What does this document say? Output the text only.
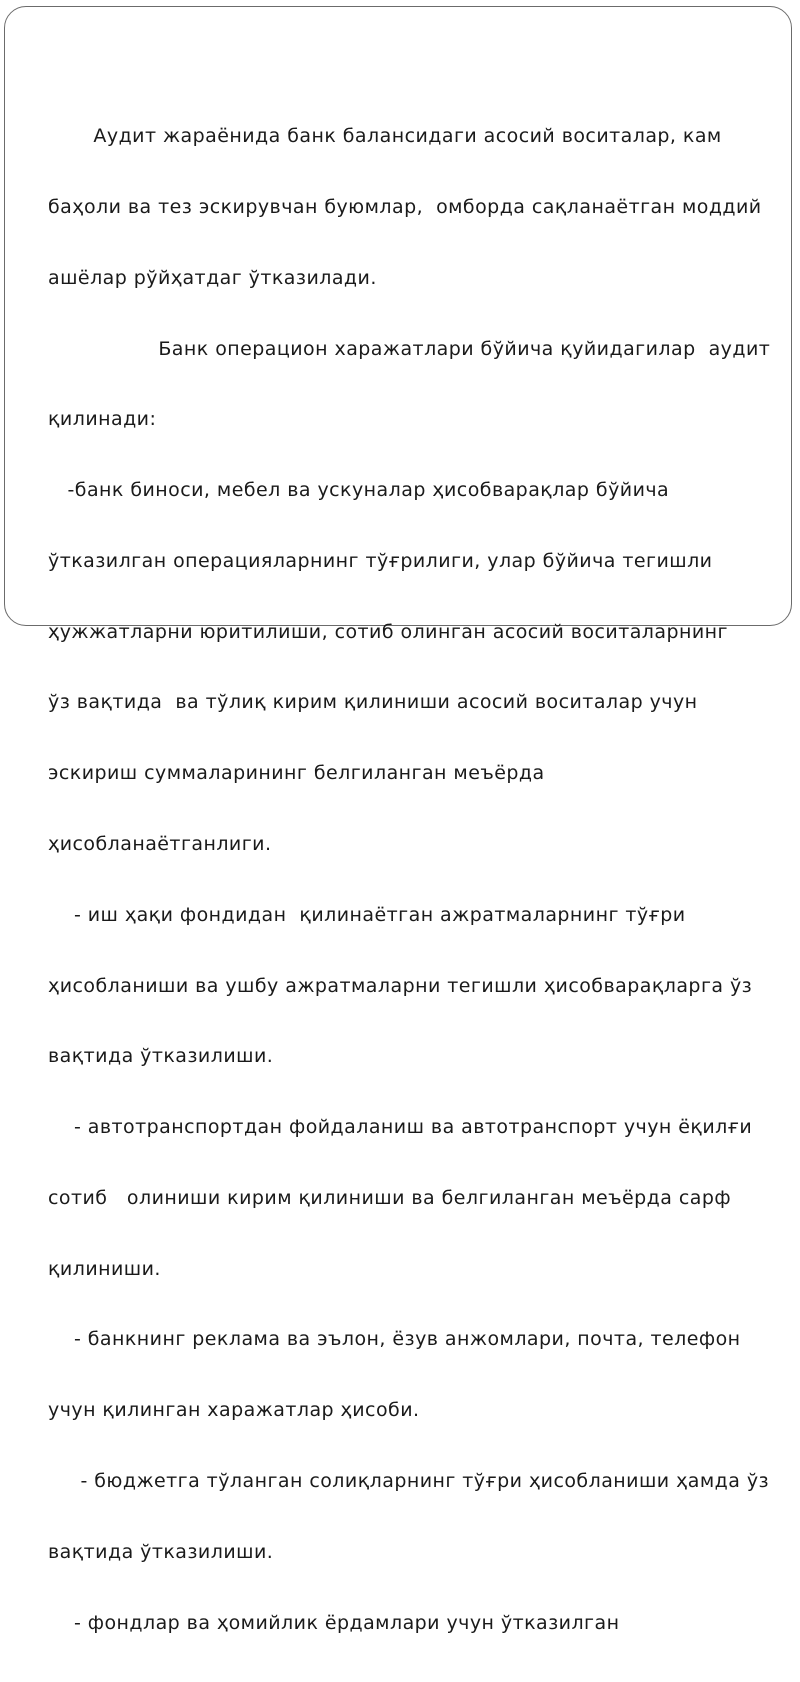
Аудит жараёнида банк балансидаги асосий воситалар, кам

баҳоли ва тез эскирувчан буюмлар,  омборда сақланаётган моддий

ашёлар рўйҳатдаг ўтказилади.

Банк операцион харажатлари бўйича қуйидагилар  аудит

қилинади:

-банк биноси, мебел ва ускуналар ҳисобварақлар бўйича

ўтказилган операцияларнинг тўғрилиги, улар бўйича тегишли

ҳужжатларни юритилиши, сотиб олинган асосий воситаларнинг

ўз вақтида  ва тўлиқ кирим қилиниши асосий воситалар учун

эскириш суммаларининг белгиланган меъёрда

ҳисобланаётганлиги.

- иш ҳақи фондидан  қилинаётган ажратмаларнинг тўғри

ҳисобланиши ва ушбу ажратмаларни тегишли ҳисобварақларга ўз

вақтида ўтказилиши.

- автотранспортдан фойдаланиш ва автотранспорт учун ёқилғи

сотиб   олиниши кирим қилиниши ва белгиланган меъёрда сарф

қилиниши.

- банкнинг реклама ва эълон, ёзув анжомлари, почта, телефон

учун қилинган харажатлар ҳисоби.

- бюджетга тўланган солиқларнинг тўғри ҳисобланиши ҳамда ўз

вақтида ўтказилиши.

- фондлар ва ҳомийлик ёрдамлари учун ўтказилган
